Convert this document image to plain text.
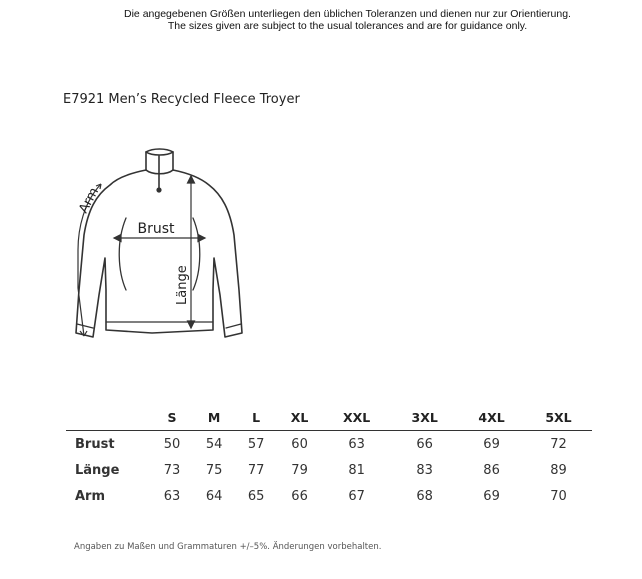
Die angegebenen Größen unterliegen den üblichen Toleranzen und dienen nur zur Orientierung.
The sizes given are subject to the usual tolerances and are for guidance only.
E7921 Men’s Recycled Fleece Troyer
Arm
Brust
Länge
	S	M	L	XL	XXL	3XL	4XL	5XL
Brust	50	54	57	60	63	66	69	72
Länge	73	75	77	79	81	83	86	89
Arm	63	64	65	66	67	68	69	70
Angaben zu Maßen und Grammaturen +/–5%. Änderungen vorbehalten.
